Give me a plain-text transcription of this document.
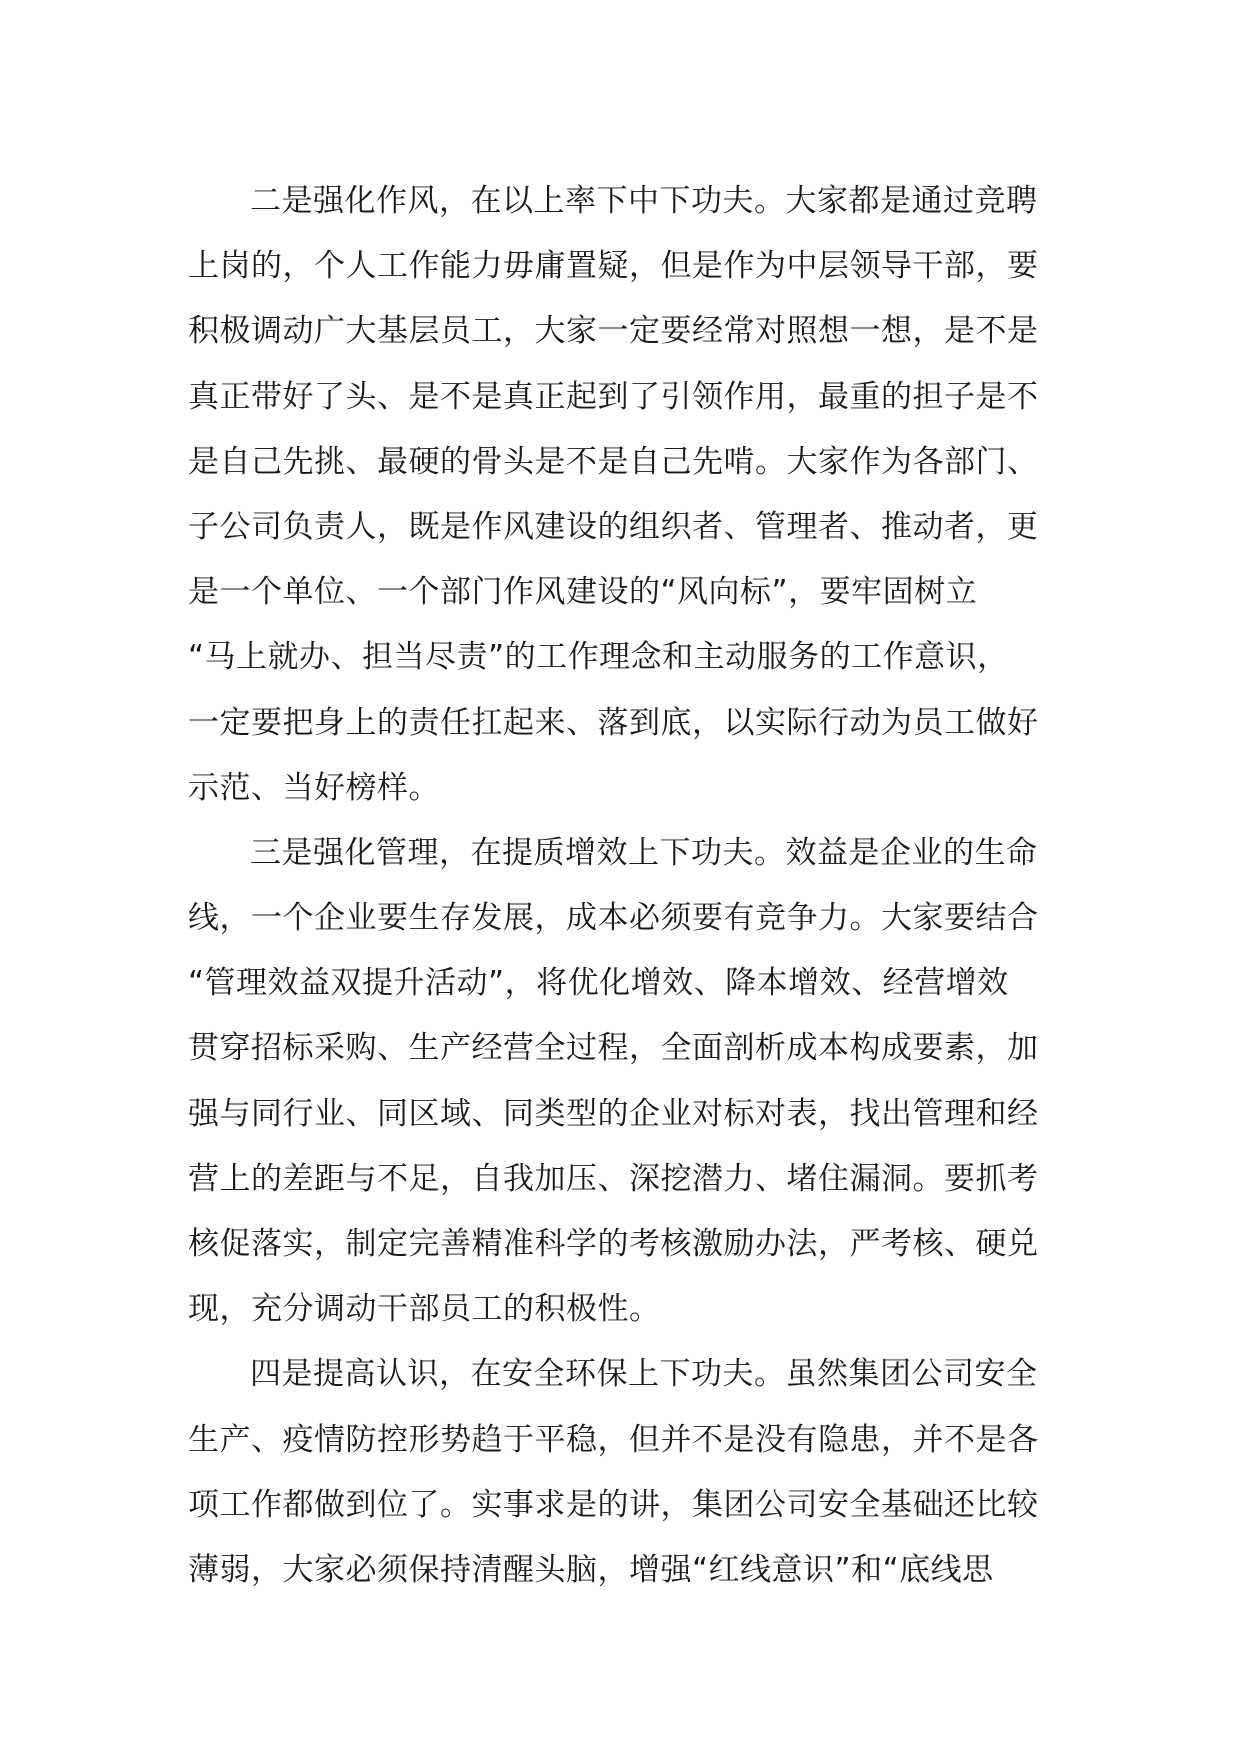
二是强化作风，在以上率下中下功夫。大家都是通过竞聘
上岗的，个人工作能力毋庸置疑，但是作为中层领导干部，要
积极调动广大基层员工，大家一定要经常对照想一想，是不是
真正带好了头、是不是真正起到了引领作用，最重的担子是不
是自己先挑、最硬的骨头是不是自己先啃。大家作为各部门、
子公司负责人，既是作风建设的组织者、管理者、推动者，更
是一个单位、一个部门作风建设的“风向标”，要牢固树立
“马上就办、担当尽责”的工作理念和主动服务的工作意识，
一定要把身上的责任扛起来、落到底，以实际行动为员工做好
示范、当好榜样。
三是强化管理，在提质增效上下功夫。效益是企业的生命
线，一个企业要生存发展，成本必须要有竞争力。大家要结合
“管理效益双提升活动”，将优化增效、降本增效、经营增效
贯穿招标采购、生产经营全过程，全面剖析成本构成要素，加
强与同行业、同区域、同类型的企业对标对表，找出管理和经
营上的差距与不足，自我加压、深挖潜力、堵住漏洞。要抓考
核促落实，制定完善精准科学的考核激励办法，严考核、硬兑
现，充分调动干部员工的积极性。
四是提高认识，在安全环保上下功夫。虽然集团公司安全
生产、疫情防控形势趋于平稳，但并不是没有隐患，并不是各
项工作都做到位了。实事求是的讲，集团公司安全基础还比较
薄弱，大家必须保持清醒头脑，增强“红线意识”和“底线思
